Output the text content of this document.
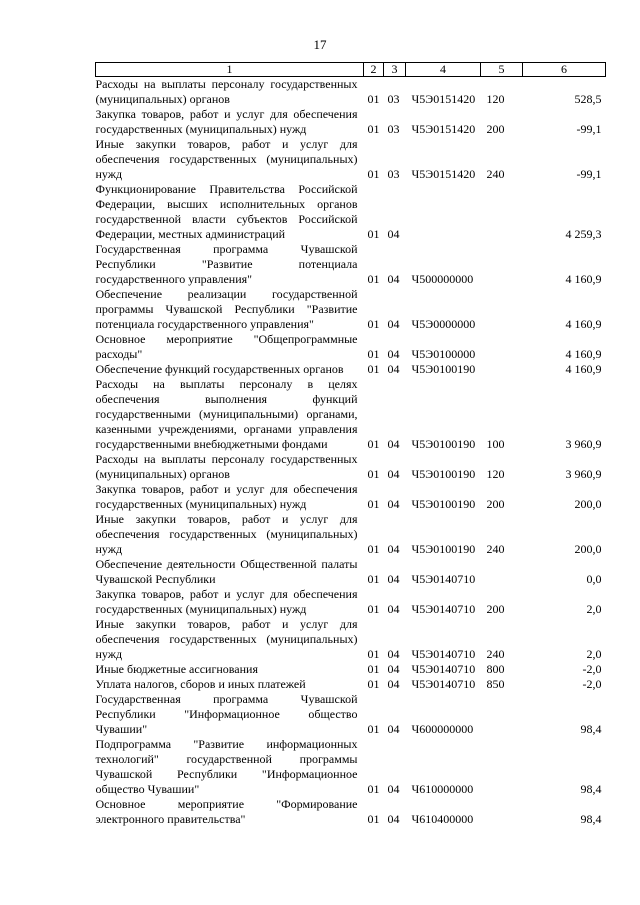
17
1	2	3	4	5	6
Расходы на выплаты персоналу государственных (муниципальных) органов	01	03	Ч5Э0151420	120	528,5
Закупка товаров, работ и услуг для обеспечения государственных (муниципальных) нужд	01	03	Ч5Э0151420	200	-99,1
Иные закупки товаров, работ и услуг для обеспечения государственных (муниципальных) нужд	01	03	Ч5Э0151420	240	-99,1
Функционирование Правительства Российской Федерации, высших исполнительных органов государственной власти субъектов Российской Федерации, местных администраций	01	04			4 259,3
Государственная программа Чувашской Республики "Развитие потенциала государственного управления"	01	04	Ч500000000		4 160,9
Обеспечение реализации государственной программы Чувашской Республики "Развитие потенциала государственного управления"	01	04	Ч5Э0000000		4 160,9
Основное мероприятие "Общепрограммные расходы"	01	04	Ч5Э0100000		4 160,9
Обеспечение функций государственных органов	01	04	Ч5Э0100190		4 160,9
Расходы на выплаты персоналу в целях обеспечения выполнения функций государственными (муниципальными) органами, казенными учреждениями, органами управления государственными внебюджетными фондами	01	04	Ч5Э0100190	100	3 960,9
Расходы на выплаты персоналу государственных (муниципальных) органов	01	04	Ч5Э0100190	120	3 960,9
Закупка товаров, работ и услуг для обеспечения государственных (муниципальных) нужд	01	04	Ч5Э0100190	200	200,0
Иные закупки товаров, работ и услуг для обеспечения государственных (муниципальных) нужд	01	04	Ч5Э0100190	240	200,0
Обеспечение деятельности Общественной палаты Чувашской Республики	01	04	Ч5Э0140710		0,0
Закупка товаров, работ и услуг для обеспечения государственных (муниципальных) нужд	01	04	Ч5Э0140710	200	2,0
Иные закупки товаров, работ и услуг для обеспечения государственных (муниципальных) нужд	01	04	Ч5Э0140710	240	2,0
Иные бюджетные ассигнования	01	04	Ч5Э0140710	800	-2,0
Уплата налогов, сборов и иных платежей	01	04	Ч5Э0140710	850	-2,0
Государственная программа Чувашской Республики "Информационное общество Чувашии"	01	04	Ч600000000		98,4
Подпрограмма "Развитие информационных технологий" государственной программы Чувашской Республики "Информационное общество Чувашии"	01	04	Ч610000000		98,4
Основное мероприятие "Формирование электронного правительства"	01	04	Ч610400000		98,4
